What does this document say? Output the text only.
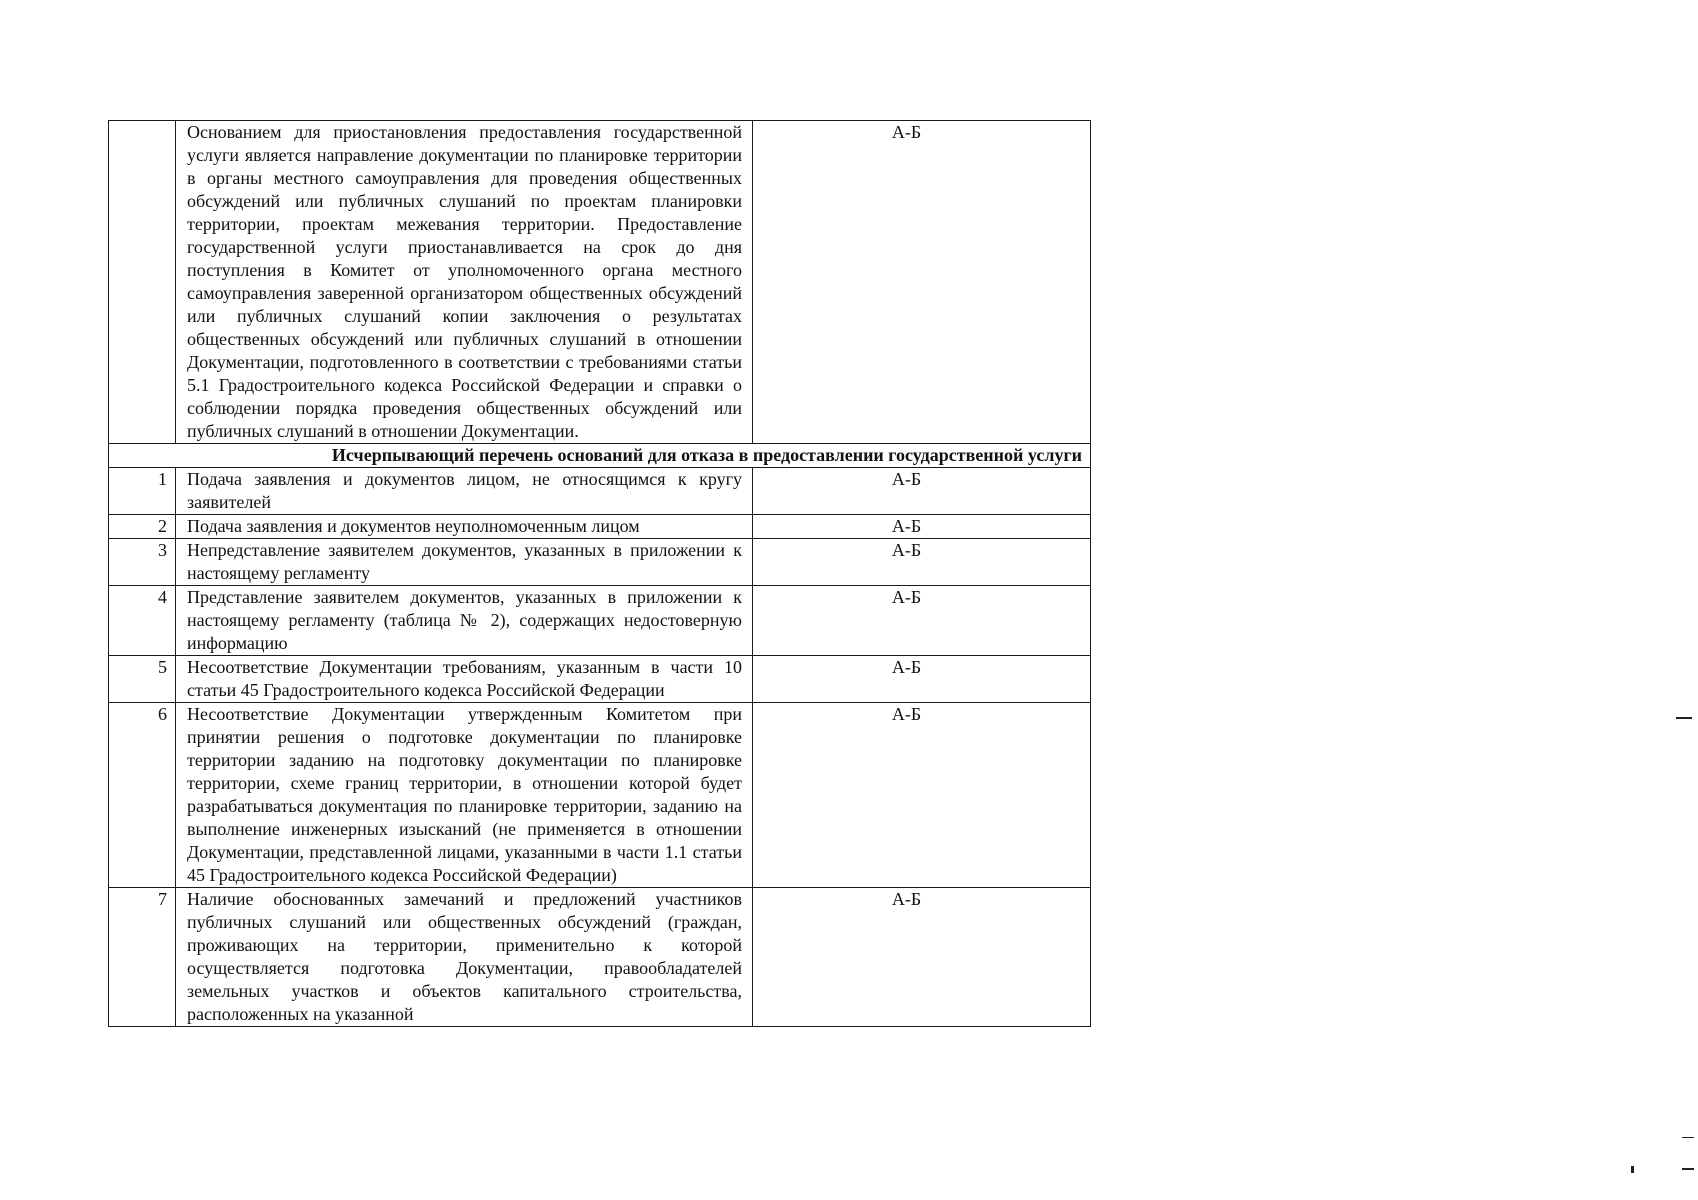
	Основанием для приостановления предоставления государственной услуги является направление документации по планировке территории в органы местного самоуправления для проведения общественных обсуждений или публичных слушаний по проектам планировки территории, проектам межевания территории. Предоставление государственной услуги приостанавливается на срок до дня поступления в Комитет от уполномоченного органа местного самоуправления заверенной организатором общественных обсуждений или публичных слушаний копии заключения о результатах общественных обсуждений или публичных слушаний в отношении Документации, подготовленного в соответствии с требованиями статьи 5.1 Градостроительного кодекса Российской Федерации и справки о соблюдении порядка проведения общественных обсуждений или публичных слушаний в отношении Документации.	А-Б
Исчерпывающий перечень оснований для отказа в предоставлении государственной услуги		
1	Подача заявления и документов лицом, не относящимся к кругу заявителей	А-Б
2	Подача заявления и документов неуполномоченным лицом	А-Б
3	Непредставление заявителем документов, указанных в приложении к настоящему регламенту	А-Б
4	Представление заявителем документов, указанных в приложении к настоящему регламенту (таблица № 2), содержащих недостоверную информацию	А-Б
5	Несоответствие Документации требованиям, указанным в части 10 статьи 45 Градостроительного кодекса Российской Федерации	А-Б
6	Несоответствие Документации утвержденным Комитетом при принятии решения о подготовке документации по планировке территории заданию на подготовку документации по планировке территории, схеме границ территории, в отношении которой будет разрабатываться документация по планировке территории, заданию на выполнение инженерных изысканий (не применяется в отношении Документации, представленной лицами, указанными в части 1.1 статьи 45 Градостроительного кодекса Российской Федерации)	А-Б
7	Наличие обоснованных замечаний и предложений участников публичных слушаний или общественных обсуждений (граждан, проживающих на территории, применительно к которой осуществляется подготовка Документации, правообладателей земельных участков и объектов капитального строительства, расположенных на указанной	А-Б
